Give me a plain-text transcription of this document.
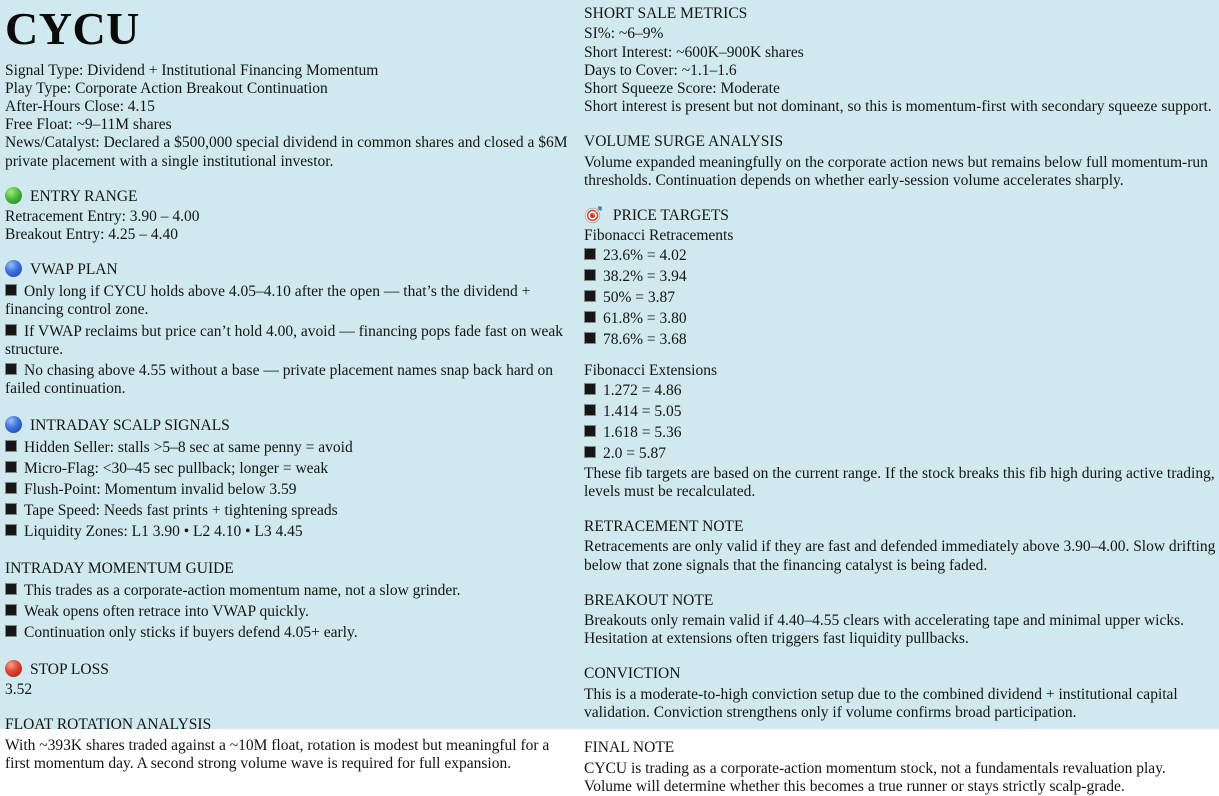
CYCU
Signal Type: Dividend + Institutional Financing Momentum
Play Type: Corporate Action Breakout Continuation
After-Hours Close: 4.15
Free Float: ~9–11M shares
News/Catalyst: Declared a $500,000 special dividend in common shares and closed a $6M private placement with a single institutional investor.
ENTRY RANGE
Retracement Entry: 3.90 – 4.00
Breakout Entry: 4.25 – 4.40
VWAP PLAN
Only long if CYCU holds above 4.05–4.10 after the open — that’s the dividend + financing control zone.
If VWAP reclaims but price can’t hold 4.00, avoid — financing pops fade fast on weak structure.
No chasing above 4.55 without a base — private placement names snap back hard on failed continuation.
INTRADAY SCALP SIGNALS
Hidden Seller: stalls >5–8 sec at same penny = avoid
Micro-Flag: <30–45 sec pullback; longer = weak
Flush-Point: Momentum invalid below 3.59
Tape Speed: Needs fast prints + tightening spreads
Liquidity Zones: L1 3.90 • L2 4.10 • L3 4.45
INTRADAY MOMENTUM GUIDE
This trades as a corporate-action momentum name, not a slow grinder.
Weak opens often retrace into VWAP quickly.
Continuation only sticks if buyers defend 4.05+ early.
STOP LOSS
3.52
FLOAT ROTATION ANALYSIS
With ~393K shares traded against a ~10M float, rotation is modest but meaningful for a first momentum day. A second strong volume wave is required for full expansion.
SHORT SALE METRICS
SI%: ~6–9%
Short Interest: ~600K–900K shares
Days to Cover: ~1.1–1.6
Short Squeeze Score: Moderate
Short interest is present but not dominant, so this is momentum-first with secondary squeeze support.
VOLUME SURGE ANALYSIS
Volume expanded meaningfully on the corporate action news but remains below full momentum-run thresholds. Continuation depends on whether early-session volume accelerates sharply.
PRICE TARGETS
Fibonacci Retracements
23.6% = 4.02
38.2% = 3.94
50% = 3.87
61.8% = 3.80
78.6% = 3.68
Fibonacci Extensions
1.272 = 4.86
1.414 = 5.05
1.618 = 5.36
2.0 = 5.87
These fib targets are based on the current range. If the stock breaks this fib high during active trading, levels must be recalculated.
RETRACEMENT NOTE
Retracements are only valid if they are fast and defended immediately above 3.90–4.00. Slow drifting below that zone signals that the financing catalyst is being faded.
BREAKOUT NOTE
Breakouts only remain valid if 4.40–4.55 clears with accelerating tape and minimal upper wicks. Hesitation at extensions often triggers fast liquidity pullbacks.
CONVICTION
This is a moderate-to-high conviction setup due to the combined dividend + institutional capital validation. Conviction strengthens only if volume confirms broad participation.
FINAL NOTE
CYCU is trading as a corporate-action momentum stock, not a fundamentals revaluation play. Volume will determine whether this becomes a true runner or stays strictly scalp-grade.
